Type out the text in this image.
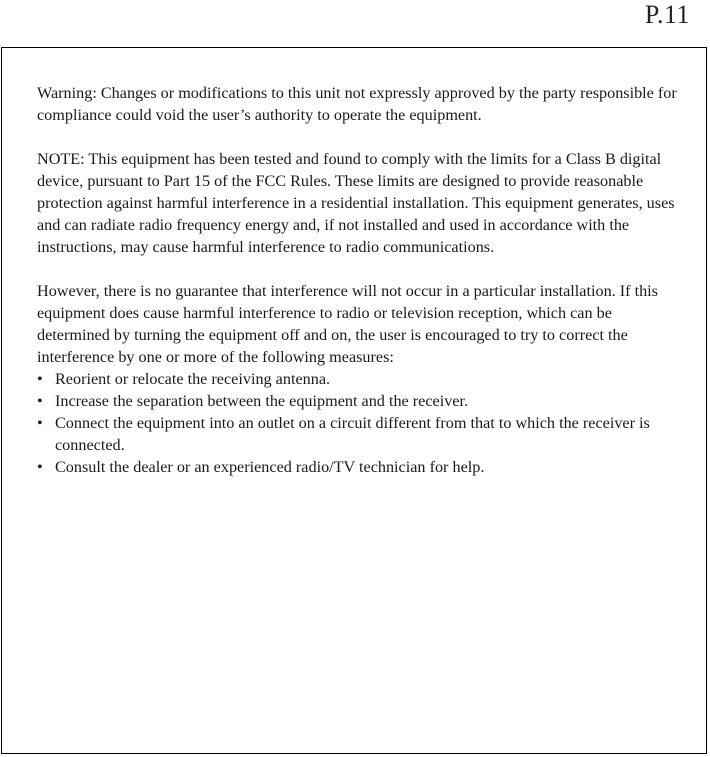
P.11

Warning: Changes or modifications to this unit not expressly approved by the party responsible for compliance could void the user’s authority to operate the equipment.

NOTE: This equipment has been tested and found to comply with the limits for a Class B digital device, pursuant to Part 15 of the FCC Rules. These limits are designed to provide reasonable protection against harmful interference in a residential installation. This equipment generates, uses and can radiate radio frequency energy and, if not installed and used in accordance with the instructions, may cause harmful interference to radio communications.

However, there is no guarantee that interference will not occur in a particular installation. If this equipment does cause harmful interference to radio or television reception, which can be determined by turning the equipment off and on, the user is encouraged to try to correct the interference by one or more of the following measures:

• Reorient or relocate the receiving antenna.
• Increase the separation between the equipment and the receiver.
• Connect the equipment into an outlet on a circuit different from that to which the receiver is connected.
• Consult the dealer or an experienced radio/TV technician for help.
